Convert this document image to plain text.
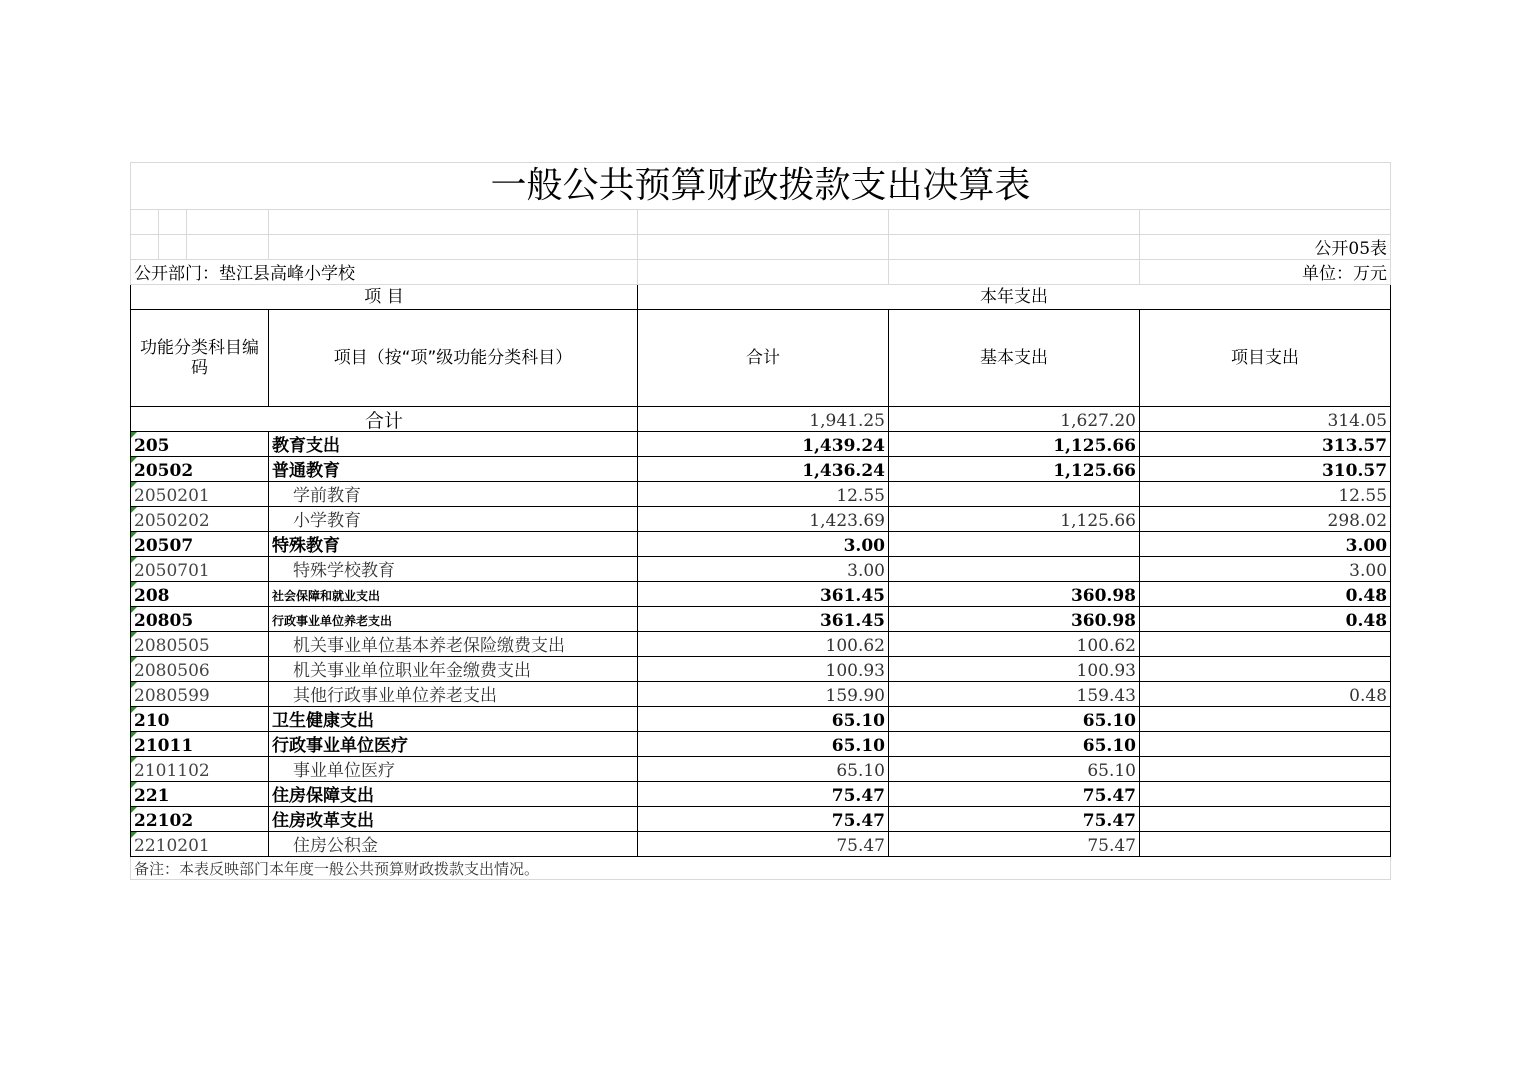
一般公共预算财政拨款支出决算表						

						公开05表
公开部门：垫江县高峰小学校						单位：万元
项 目				本年支出		
功能分类科目编码			项目（按“项”级功能分类科目）	合计	基本支出	项目支出
合计				1,941.25	1,627.20	314.05
205			教育支出	1,439.24	1,125.66	313.57
20502			普通教育	1,436.24	1,125.66	310.57
2050201			学前教育	12.55		12.55
2050202			小学教育	1,423.69	1,125.66	298.02
20507			特殊教育	3.00		3.00
2050701			特殊学校教育	3.00		3.00
208			社会保障和就业支出	361.45	360.98	0.48
20805			行政事业单位养老支出	361.45	360.98	0.48
2080505			机关事业单位基本养老保险缴费支出	100.62	100.62	
2080506			机关事业单位职业年金缴费支出	100.93	100.93	
2080599			其他行政事业单位养老支出	159.90	159.43	0.48
210			卫生健康支出	65.10	65.10	
21011			行政事业单位医疗	65.10	65.10	
2101102			事业单位医疗	65.10	65.10	
221			住房保障支出	75.47	75.47	
22102			住房改革支出	75.47	75.47	
2210201			住房公积金	75.47	75.47	
备注：本表反映部门本年度一般公共预算财政拨款支出情况。						
